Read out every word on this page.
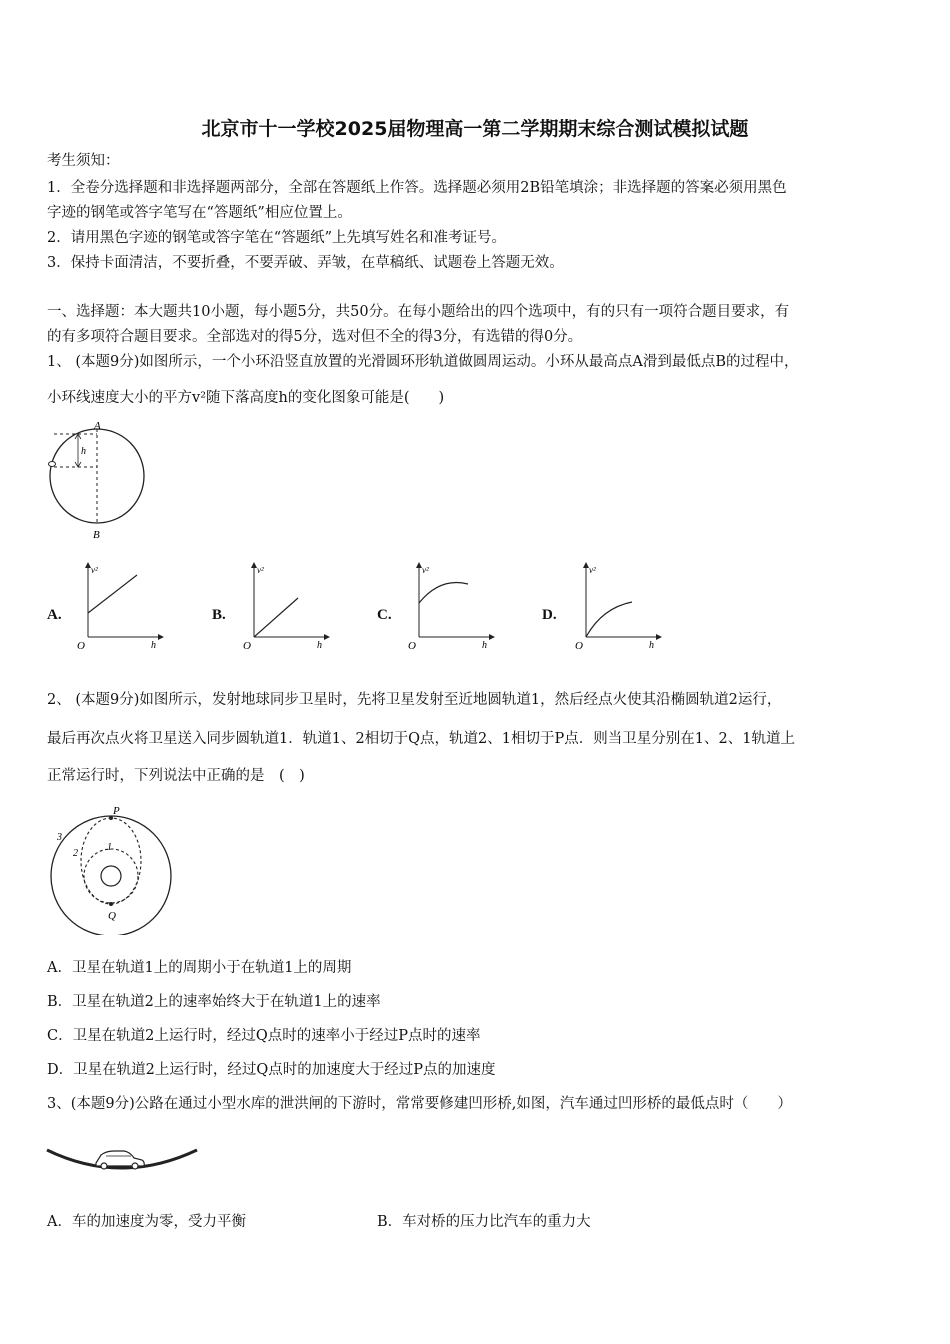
北京市十一学校2025届物理高一第二学期期末综合测试模拟试题
考生须知：
1．全卷分选择题和非选择题两部分，全部在答题纸上作答。选择题必须用2B铅笔填涂；非选择题的答案必须用黑色
字迹的钢笔或答字笔写在“答题纸”相应位置上。
2．请用黑色字迹的钢笔或答字笔在“答题纸”上先填写姓名和准考证号。
3．保持卡面清洁，不要折叠，不要弄破、弄皱，在草稿纸、试题卷上答题无效。
一、选择题：本大题共10小题，每小题5分，共50分。在每小题给出的四个选项中，有的只有一项符合题目要求，有
的有多项符合题目要求。全部选对的得5分，选对但不全的得3分，有选错的得0分。
1、 (本题9分)如图所示，一个小环沿竖直放置的光滑圆环形轨道做圆周运动。小环从最高点A滑到最低点B的过程中，
小环线速度大小的平方v²随下落高度h的变化图象可能是(　　)
A
B
h
A.
v²
O	h
B.
v²
O	h
C.
v²
O	h
D.
v²
O	h
2、 (本题9分)如图所示，发射地球同步卫星时，先将卫星发射至近地圆轨道1，然后经点火使其沿椭圆轨道2运行，
最后再次点火将卫星送入同步圆轨道1．轨道1、2相切于Q点，轨道2、1相切于P点．则当卫星分别在1、2、1轨道上
正常运行时，下列说法中正确的是　(　)
P
Q
1
2
3
A．卫星在轨道1上的周期小于在轨道1上的周期
B．卫星在轨道2上的速率始终大于在轨道1上的速率
C．卫星在轨道2上运行时，经过Q点时的速率小于经过P点时的速率
D．卫星在轨道2上运行时，经过Q点时的加速度大于经过P点的加速度
3、(本题9分)公路在通过小型水库的泄洪闸的下游时，常常要修建凹形桥,如图，汽车通过凹形桥的最低点时（　　）
A．车的加速度为零，受力平衡	B．车对桥的压力比汽车的重力大
